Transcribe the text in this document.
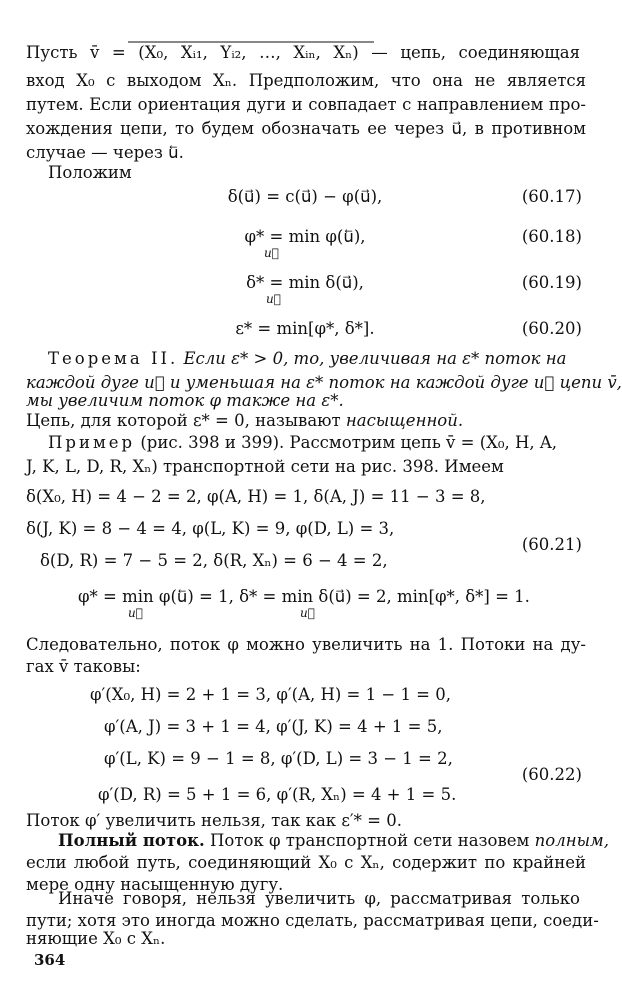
Пусть v̄ = (X₀, Xᵢ₁, Yᵢ₂, …, Xᵢₙ, Xₙ) — цепь, соединяющая
вход X₀ с выходом Xₙ. Предположим, что она не является
путем. Если ориентация дуги и совпадает с направлением про-
хождения цепи, то будем обозначать ее через u⃗, в противном
случае — через u⃖.
Положим
δ(u⃗) = c(u⃗) − φ(u⃗),	(60.17)
φ* = min φ(u⃖),	(60.18)
u⃖
δ* = min δ(u⃗),	(60.19)
u⃗
ε* = min[φ*, δ*].	(60.20)
Теорема II. Если ε* > 0, то, увеличивая на ε* поток на
каждой дуге u⃗ и уменьшая на ε* поток на каждой дуге u⃖ цепи v̄,
мы увеличим поток φ также на ε*.
Цепь, для которой ε* = 0, называют насыщенной.
Пример (рис. 398 и 399). Рассмотрим цепь v̄ = (X₀, H, A,
J, K, L, D, R, Xₙ) транспортной сети на рис. 398. Имеем
δ(X₀, H) = 4 − 2 = 2, φ(A, H) = 1, δ(A, J) = 11 − 3 = 8,
δ(J, K) = 8 − 4 = 4, φ(L, K) = 9, φ(D, L) = 3,
(60.21)
δ(D, R) = 7 − 5 = 2, δ(R, Xₙ) = 6 − 4 = 2,
φ* = min φ(u⃖) = 1, δ* = min δ(u⃗) = 2, min[φ*, δ*] = 1.
u⃖	u⃗
Следовательно, поток φ можно увеличить на 1. Потоки на ду-
гах v̄ таковы:
φ′(X₀, H) = 2 + 1 = 3, φ′(A, H) = 1 − 1 = 0,
φ′(A, J) = 3 + 1 = 4, φ′(J, K) = 4 + 1 = 5,
φ′(L, K) = 9 − 1 = 8, φ′(D, L) = 3 − 1 = 2,
(60.22)
φ′(D, R) = 5 + 1 = 6, φ′(R, Xₙ) = 4 + 1 = 5.
Поток φ′ увеличить нельзя, так как ε′* = 0.
Полный поток. Поток φ транспортной сети назовем полным,
если любой путь, соединяющий X₀ с Xₙ, содержит по крайней
мере одну насыщенную дугу.
Иначе говоря, нельзя увеличить φ, рассматривая только
пути; хотя это иногда можно сделать, рассматривая цепи, соеди-
няющие X₀ с Xₙ.
364
